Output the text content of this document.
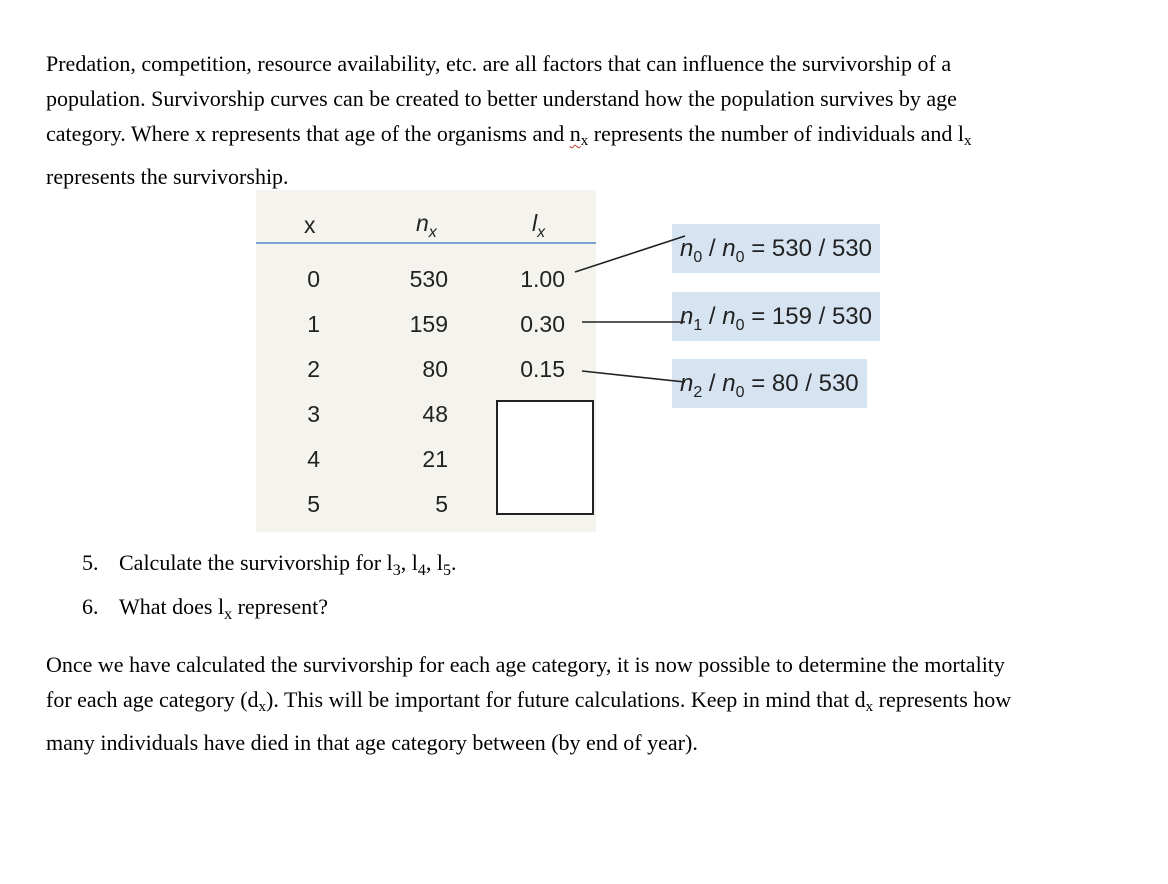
Predation, competition, resource availability, etc. are all factors that can influence the survivorship of a
population. Survivorship curves can be created to better understand how the population survives by age
category. Where x represents that age of the organisms and $n_x$ represents the number of individuals and $l_x$
represents the survivorship.

x	$n_x$	$l_x$
0
1
2
3
4
5
530
159
80
48
21
5
1.00
0.30
0.15
$n_0 / n_0 = 530 / 530$
$n_1 / n_0 = 159 / 530$
$n_2 / n_0 = 80 / 530$
5. Calculate the survivorship for $l_3$, $l_4$, $l_5$.
6. What does $l_x$ represent?

Once we have calculated the survivorship for each age category, it is now possible to determine the mortality
for each age category $(d_x)$. This will be important for future calculations. Keep in mind that $d_x$ represents how
many individuals have died in that age category between (by end of year).
